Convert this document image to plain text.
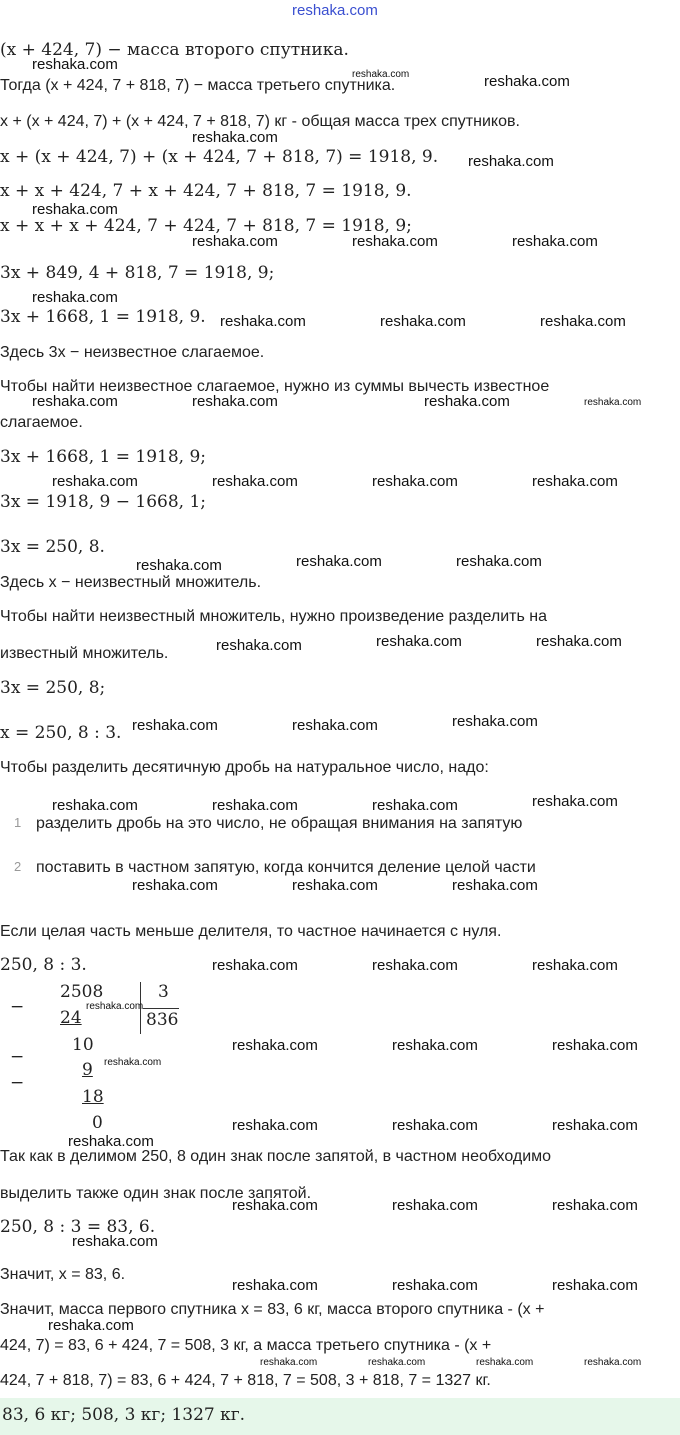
reshaka.com
(x + 424, 7) − масса второго спутника.
Тогда (x + 424, 7 + 818, 7) − масса третьего спутника.
x + (x + 424, 7) + (x + 424, 7 + 818, 7) кг - общая масса трех спутников.
x + (x + 424, 7) + (x + 424, 7 + 818, 7) = 1918, 9.
x + x + 424, 7 + x + 424, 7 + 818, 7 = 1918, 9.
x + x + x + 424, 7 + 424, 7 + 818, 7 = 1918, 9;
3x + 849, 4 + 818, 7 = 1918, 9;
3x + 1668, 1 = 1918, 9.
Здесь 3x − неизвестное слагаемое.
Чтобы найти неизвестное слагаемое, нужно из суммы вычесть известное
слагаемое.
3x + 1668, 1 = 1918, 9;
3x = 1918, 9 − 1668, 1;
3x = 250, 8.
Здесь x − неизвестный множитель.
Чтобы найти неизвестный множитель, нужно произведение разделить на
известный множитель.
3x = 250, 8;
x = 250, 8 : 3.
Чтобы разделить десятичную дробь на натуральное число, надо:
1 разделить дробь на это число, не обращая внимания на запятую
2 поставить в частном запятую, когда кончится деление целой части
Если целая часть меньше делителя, то частное начинается с нуля.
250, 8 : 3.
−
2508	3
836
24
−
10
−
9
18
0
Так как в делимом 250, 8 один знак после запятой, в частном необходимо
выделить также один знак после запятой.
250, 8 : 3 = 83, 6.
Значит, x = 83, 6.
Значит, масса первого спутника x = 83, 6 кг, масса второго спутника - (x +
424, 7) = 83, 6 + 424, 7 = 508, 3 кг, а масса третьего спутника - (x +
424, 7 + 818, 7) = 83, 6 + 424, 7 + 818, 7 = 508, 3 + 818, 7 = 1327 кг.
83, 6 кг; 508, 3 кг; 1327 кг.
reshaka.com
reshaka.com	reshaka.com
reshaka.com
reshaka.com
reshaka.com
reshaka.com	reshaka.com	reshaka.com
reshaka.com
reshaka.com	reshaka.com	reshaka.com
reshaka.com	reshaka.com	reshaka.com	reshaka.com
reshaka.com	reshaka.com	reshaka.com	reshaka.com
reshaka.com	reshaka.com	reshaka.com
reshaka.com	reshaka.com	reshaka.com
reshaka.com	reshaka.com	reshaka.com
reshaka.com	reshaka.com	reshaka.com	reshaka.com
reshaka.com	reshaka.com	reshaka.com
reshaka.com	reshaka.com	reshaka.com
reshaka.com
reshaka.com	reshaka.com	reshaka.com
reshaka.com
reshaka.com	reshaka.com	reshaka.com
reshaka.com
reshaka.com	reshaka.com	reshaka.com
reshaka.com
reshaka.com	reshaka.com	reshaka.com
reshaka.com
reshaka.com	reshaka.com	reshaka.com	reshaka.com
